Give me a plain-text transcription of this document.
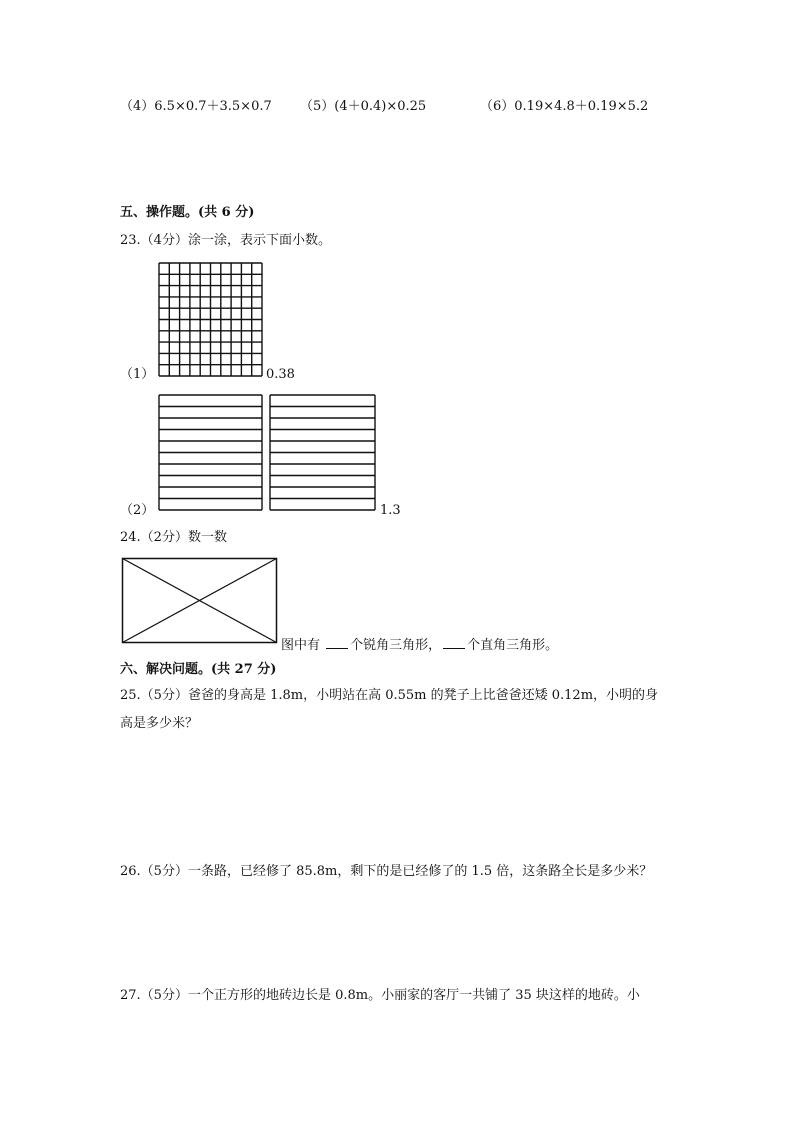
（4）6.5×0.7＋3.5×0.7 （5）(4＋0.4)×0.25	（6）0.19×4.8＋0.19×5.2
五、操作题。(共 6 分)
23.（4分）涂一涂，表示下面小数。
（1）	0.38
（2）	1.3
24.（2分）数一数
图中有 个锐角三角形， 个直角三角形。
六、解决问题。(共 27 分)
25.（5分）爸爸的身高是 1.8m，小明站在高 0.55m 的凳子上比爸爸还矮 0.12m，小明的身
高是多少米？
26.（5分）一条路，已经修了 85.8m，剩下的是已经修了的 1.5 倍，这条路全长是多少米？
27.（5分）一个正方形的地砖边长是 0.8m。小丽家的客厅一共铺了 35 块这样的地砖。小
